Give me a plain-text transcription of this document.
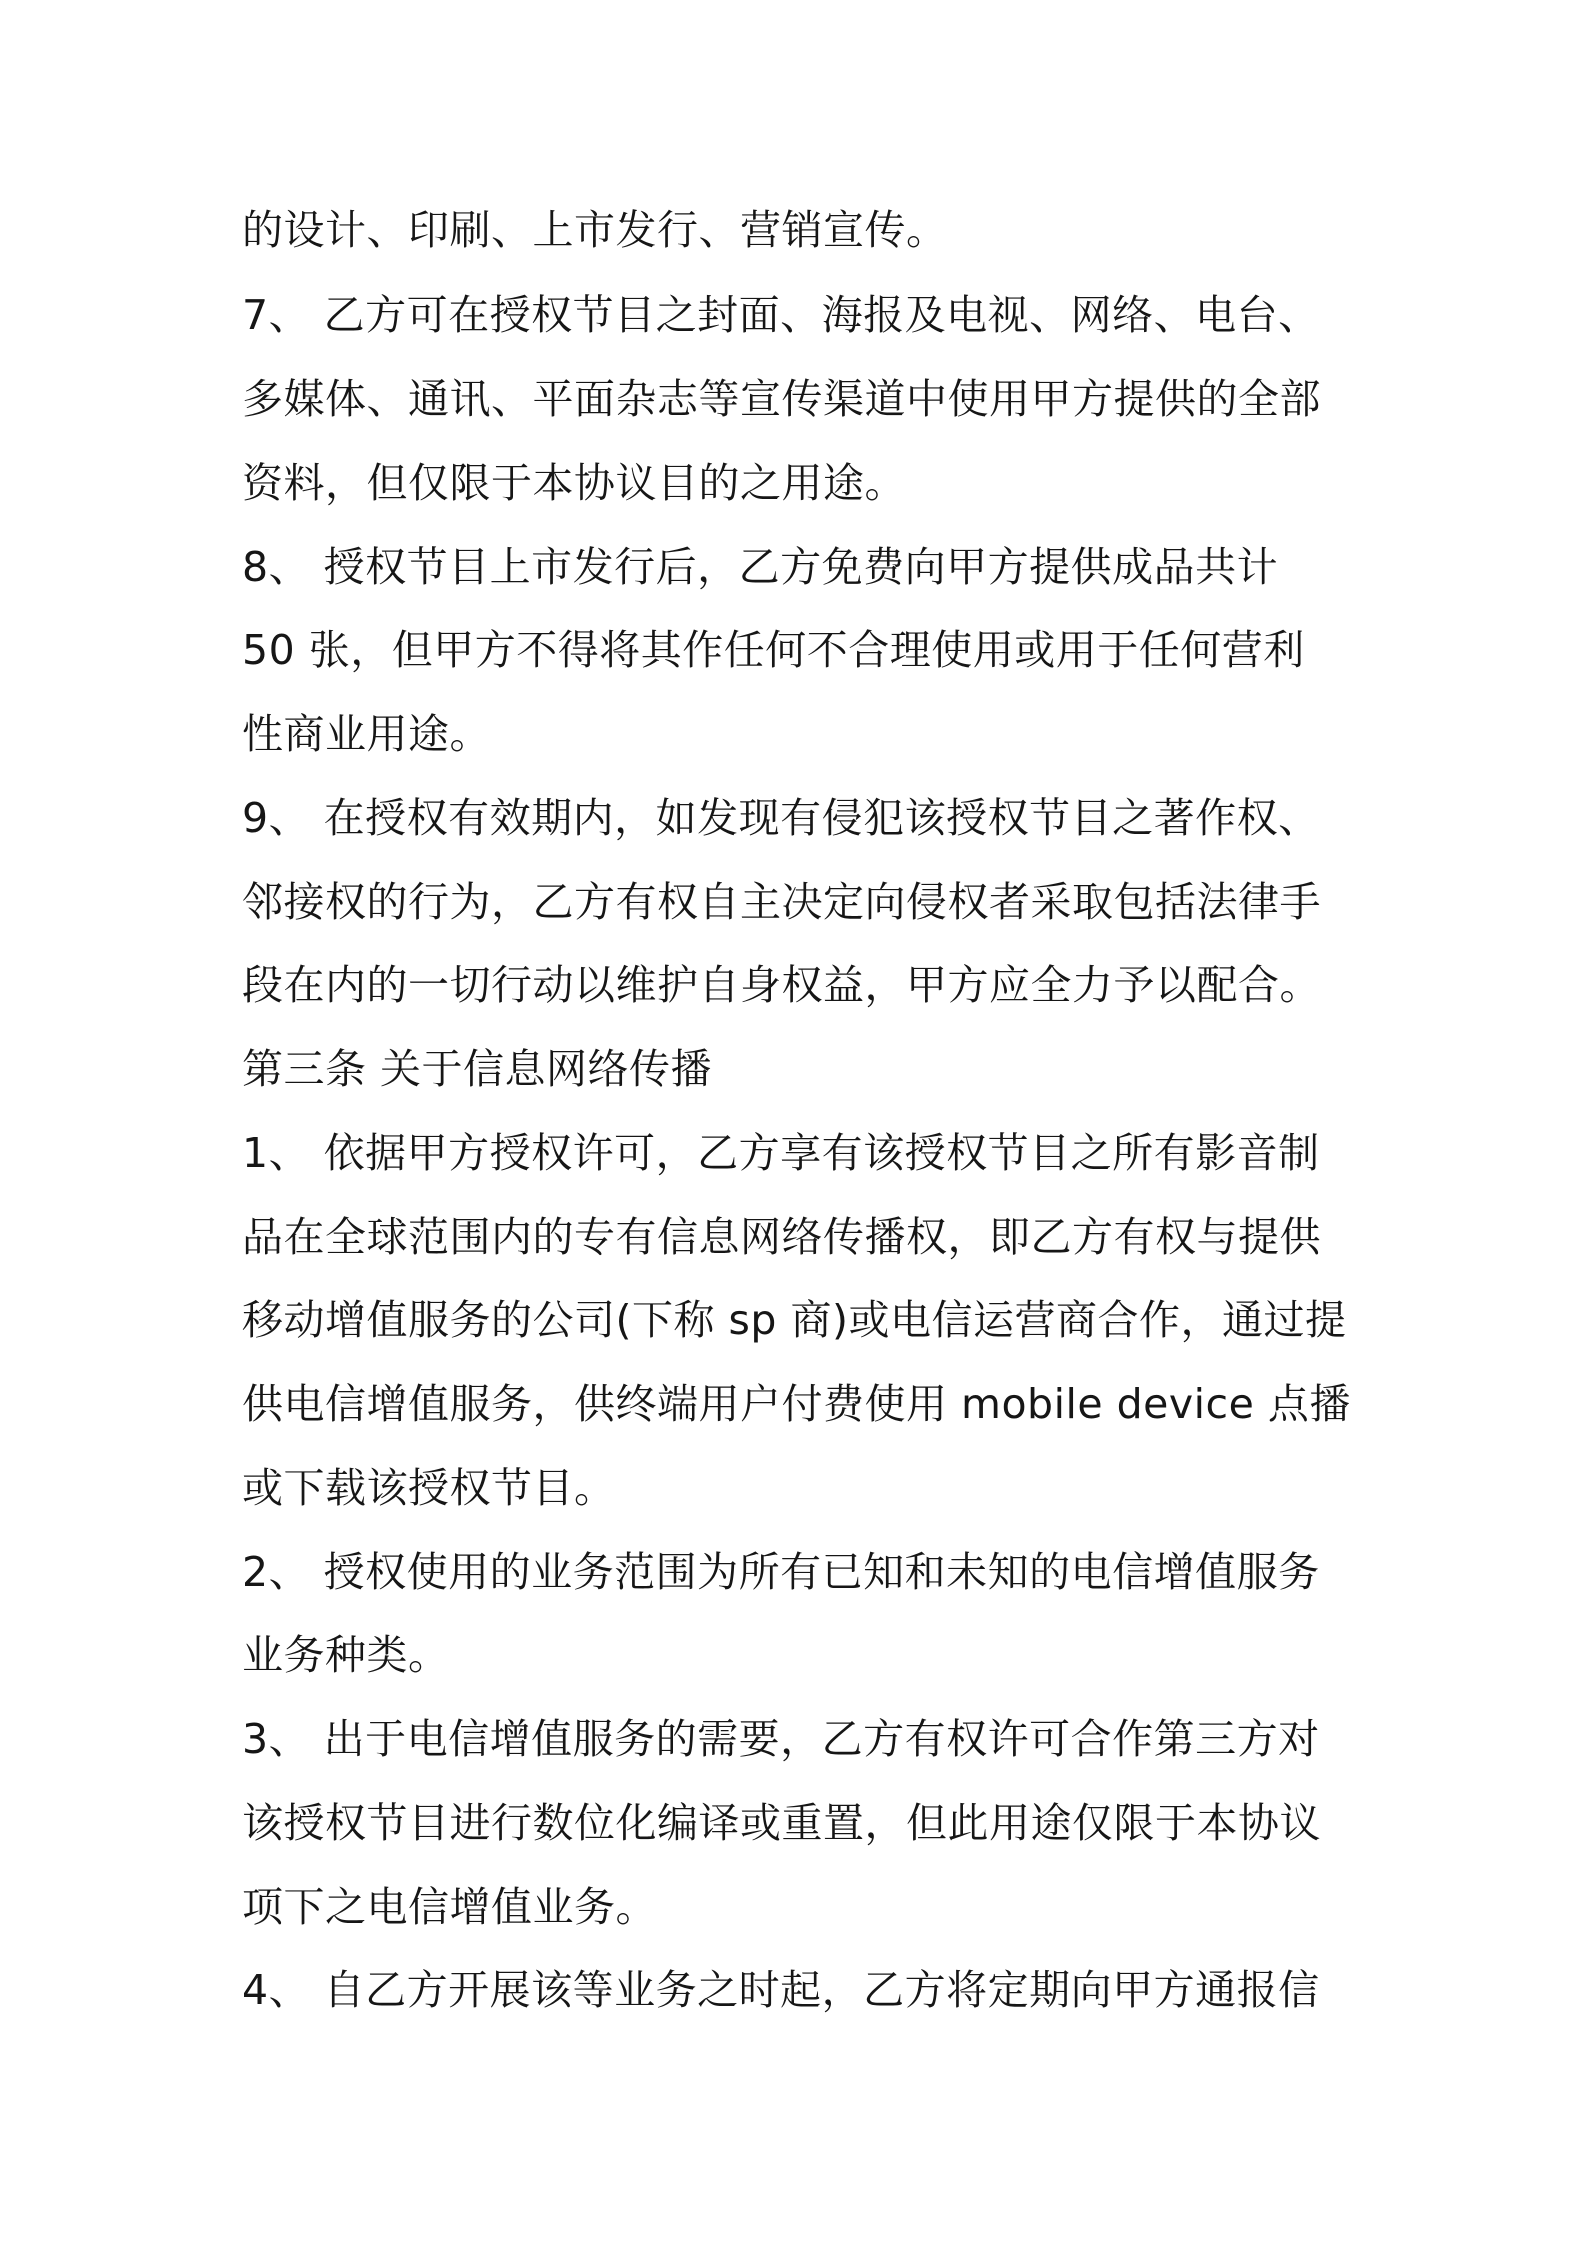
的设计、印刷、上市发行、营销宣传。
7、 乙方可在授权节目之封面、海报及电视、网络、电台、
多媒体、通讯、平面杂志等宣传渠道中使用甲方提供的全部
资料，但仅限于本协议目的之用途。
8、 授权节目上市发行后，乙方免费向甲方提供成品共计
50 张，但甲方不得将其作任何不合理使用或用于任何营利
性商业用途。
9、 在授权有效期内，如发现有侵犯该授权节目之著作权、
邻接权的行为，乙方有权自主决定向侵权者采取包括法律手
段在内的一切行动以维护自身权益，甲方应全力予以配合。
第三条 关于信息网络传播
1、 依据甲方授权许可，乙方享有该授权节目之所有影音制
品在全球范围内的专有信息网络传播权，即乙方有权与提供
移动增值服务的公司(下称 sp 商)或电信运营商合作，通过提
供电信增值服务，供终端用户付费使用 mobile device 点播
或下载该授权节目。
2、 授权使用的业务范围为所有已知和未知的电信增值服务
业务种类。
3、 出于电信增值服务的需要，乙方有权许可合作第三方对
该授权节目进行数位化编译或重置，但此用途仅限于本协议
项下之电信增值业务。
4、 自乙方开展该等业务之时起，乙方将定期向甲方通报信
